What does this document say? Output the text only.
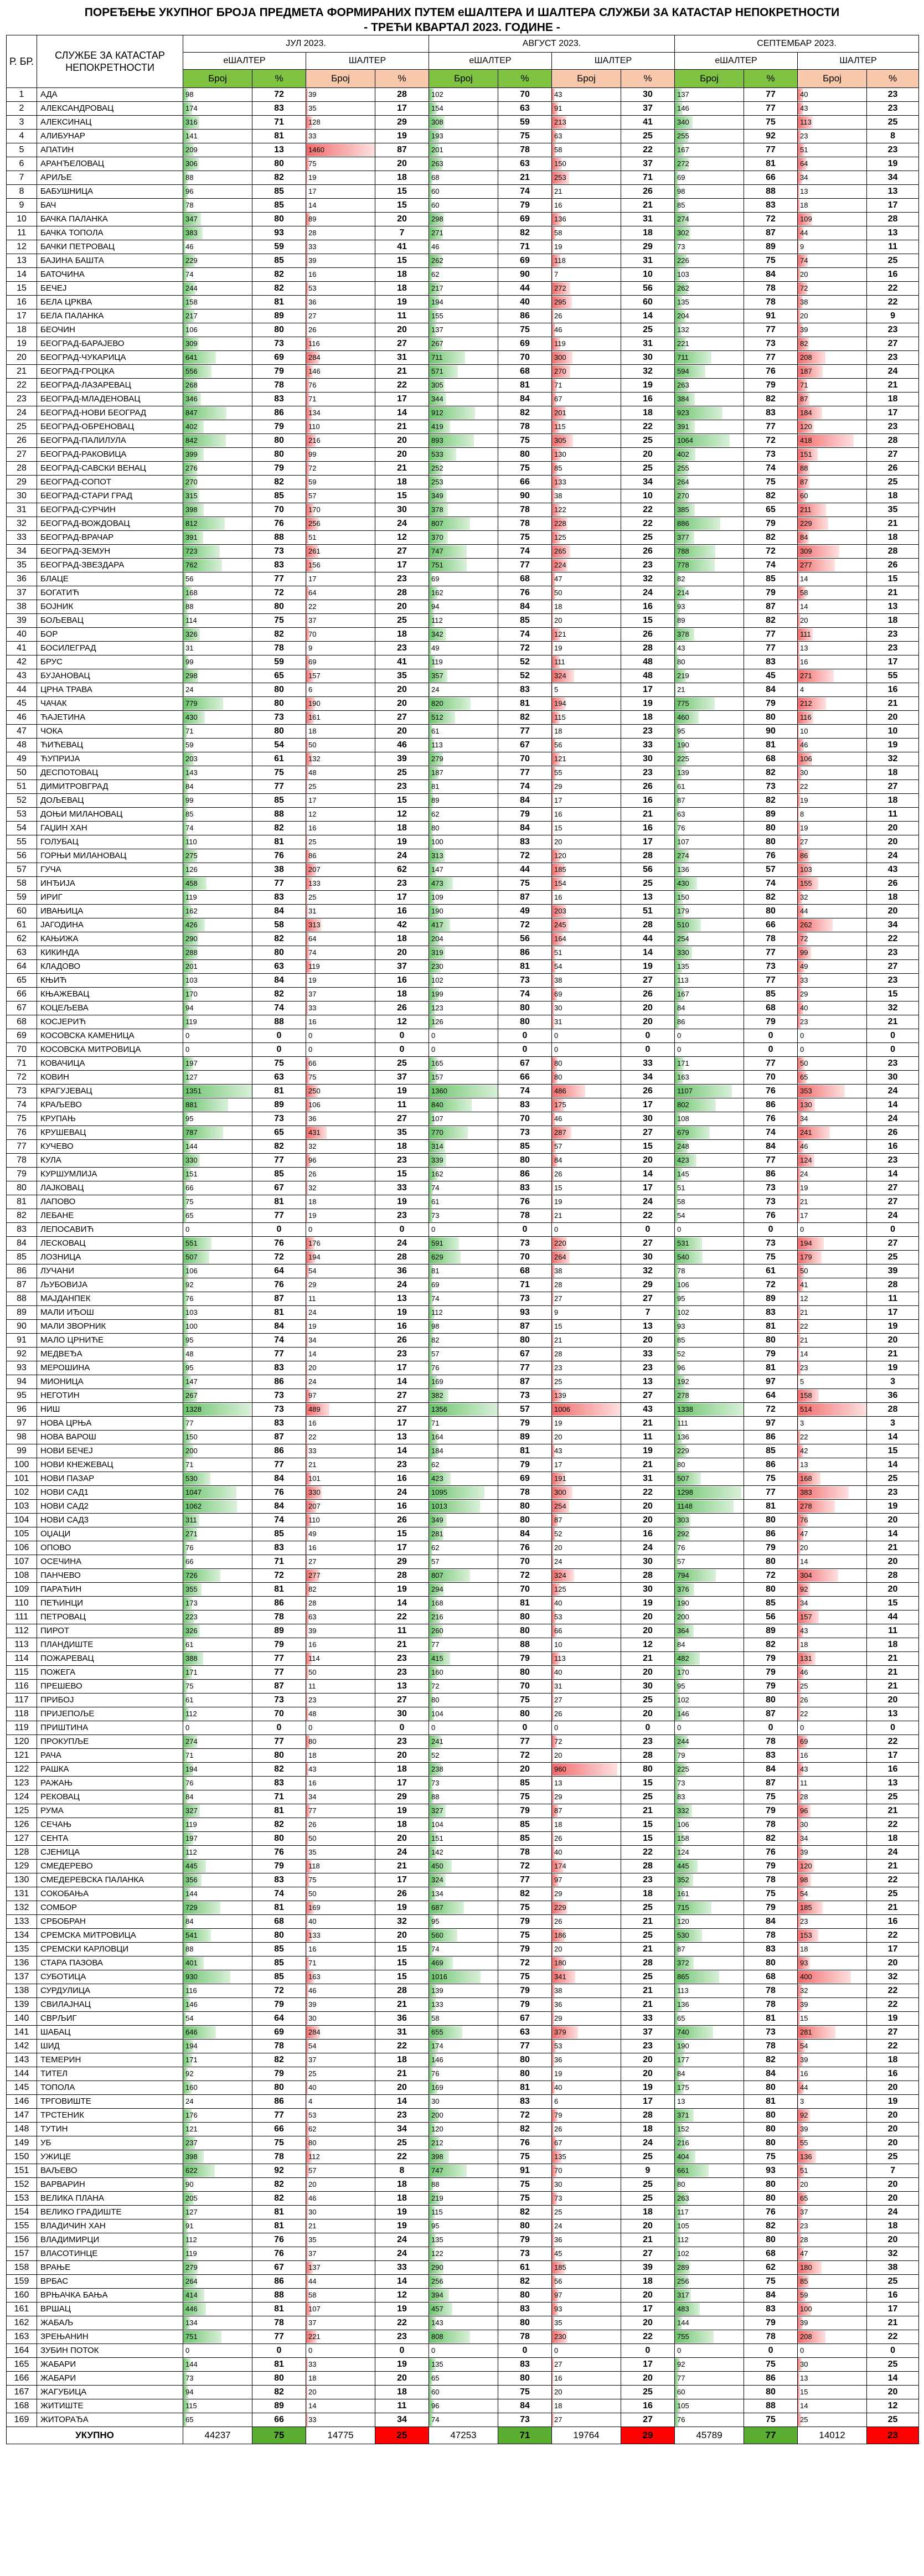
ПОРЕЂЕЊЕ УКУПНОГ БРОЈА ПРЕДМЕТА ФОРМИРАНИХ ПУТЕМ еШАЛТЕРА И ШАЛТЕРА СЛУЖБИ ЗА КАТАСТАР НЕПОКРЕТНОСТИ
- ТРЕЋИ КВАРТАЛ 2023. ГОДИНЕ -
Р. БР.	СЛУЖБЕ ЗА КАТАСТАР НЕПОКРЕТНОСТИ	ЈУЛ 2023.				АВГУСТ 2023.				СЕПТЕМБАР 2023.			
		еШАЛТЕР		ШАЛТЕР		еШАЛТЕР		ШАЛТЕР		еШАЛТЕР		ШАЛТЕР	
		Број	%	Број	%	Број	%	Број	%	Број	%	Број	%
1	АДА	98	72	39	28	102	70	43	30	137	77	40	23
2	АЛЕКСАНДРОВАЦ	174	83	35	17	154	63	91	37	146	77	43	23
3	АЛЕКСИНАЦ	316	71	128	29	308	59	213	41	340	75	113	25
4	АЛИБУНАР	141	81	33	19	193	75	63	25	255	92	23	8
5	АПАТИН	209	13	1460	87	201	78	58	22	167	77	51	23
6	АРАНЂЕЛОВАЦ	306	80	75	20	263	63	150	37	272	81	64	19
7	АРИЉЕ	88	82	19	18	68	21	253	71	69	66	34	34
8	БАБУШНИЦА	96	85	17	15	60	74	21	26	98	88	13	13
9	БАЧ	78	85	14	15	60	79	16	21	85	83	18	17
10	БАЧКА ПАЛАНКА	347	80	89	20	298	69	136	31	274	72	109	28
11	БАЧКА ТОПОЛА	383	93	28	7	271	82	58	18	302	87	44	13
12	БАЧКИ ПЕТРОВАЦ	46	59	33	41	46	71	19	29	73	89	9	11
13	БАЈИНА БАШТА	229	85	39	15	262	69	118	31	226	75	74	25
14	БАТОЧИНА	74	82	16	18	62	90	7	10	103	84	20	16
15	БЕЧЕЈ	244	82	53	18	217	44	272	56	262	78	72	22
16	БЕЛА ЦРКВА	158	81	36	19	194	40	295	60	135	78	38	22
17	БЕЛА ПАЛАНКА	217	89	27	11	155	86	26	14	204	91	20	9
18	БЕОЧИН	106	80	26	20	137	75	46	25	132	77	39	23
19	БЕОГРАД-БАРАЈЕВО	309	73	116	27	267	69	119	31	221	73	82	27
20	БЕОГРАД-ЧУКАРИЦА	641	69	284	31	711	70	300	30	711	77	208	23
21	БЕОГРАД-ГРОЦКА	556	79	146	21	571	68	270	32	594	76	187	24
22	БЕОГРАД-ЛАЗАРЕВАЦ	268	78	76	22	305	81	71	19	263	79	71	21
23	БЕОГРАД-МЛАДЕНОВАЦ	346	83	71	17	344	84	67	16	384	82	87	18
24	БЕОГРАД-НОВИ БЕОГРАД	847	86	134	14	912	82	201	18	923	83	184	17
25	БЕОГРАД-ОБРЕНОВАЦ	402	79	110	21	419	78	115	22	391	77	120	23
26	БЕОГРАД-ПАЛИЛУЛА	842	80	216	20	893	75	305	25	1064	72	418	28
27	БЕОГРАД-РАКОВИЦА	399	80	99	20	533	80	130	20	402	73	151	27
28	БЕОГРАД-САВСКИ ВЕНАЦ	276	79	72	21	252	75	85	25	255	74	88	26
29	БЕОГРАД-СОПОТ	270	82	59	18	253	66	133	34	264	75	87	25
30	БЕОГРАД-СТАРИ ГРАД	315	85	57	15	349	90	38	10	270	82	60	18
31	БЕОГРАД-СУРЧИН	398	70	170	30	378	78	122	22	385	65	211	35
32	БЕОГРАД-ВОЖДОВАЦ	812	76	256	24	807	78	228	22	886	79	229	21
33	БЕОГРАД-ВРАЧАР	391	88	51	12	370	75	125	25	377	82	84	18
34	БЕОГРАД-ЗЕМУН	723	73	261	27	747	74	265	26	788	72	309	28
35	БЕОГРАД-ЗВЕЗДАРА	762	83	156	17	751	77	224	23	778	74	277	26
36	БЛАЦЕ	56	77	17	23	69	68	47	32	82	85	14	15
37	БОГАТИЋ	168	72	64	28	162	76	50	24	214	79	58	21
38	БОЈНИК	88	80	22	20	94	84	18	16	93	87	14	13
39	БОЉЕВАЦ	114	75	37	25	112	85	20	15	89	82	20	18
40	БОР	326	82	70	18	342	74	121	26	378	77	111	23
41	БОСИЛЕГРАД	31	78	9	23	49	72	19	28	43	77	13	23
42	БРУС	99	59	69	41	119	52	111	48	80	83	16	17
43	БУЈАНОВАЦ	298	65	157	35	357	52	324	48	219	45	271	55
44	ЦРНА ТРАВА	24	80	6	20	24	83	5	17	21	84	4	16
45	ЧАЧАК	779	80	190	20	820	81	194	19	775	79	212	21
46	ЋАЈЕТИНА	430	73	161	27	512	82	115	18	460	80	116	20
47	ЧОКА	71	80	18	20	61	77	18	23	95	90	10	10
48	ЋИЋЕВАЦ	59	54	50	46	113	67	56	33	190	81	46	19
49	ЋУПРИЈА	203	61	132	39	279	70	121	30	225	68	106	32
50	ДЕСПОТОВАЦ	143	75	48	25	187	77	55	23	139	82	30	18
51	ДИМИТРОВГРАД	84	77	25	23	81	74	29	26	61	73	22	27
52	ДОЉЕВАЦ	99	85	17	15	89	84	17	16	87	82	19	18
53	ДОЊИ МИЛАНОВАЦ	85	88	12	12	62	79	16	21	63	89	8	11
54	ГАЏИН ХАН	74	82	16	18	80	84	15	16	76	80	19	20
55	ГОЛУБАЦ	110	81	25	19	100	83	20	17	107	80	27	20
56	ГОРЊИ МИЛАНОВАЦ	275	76	86	24	313	72	120	28	274	76	86	24
57	ГУЧА	126	38	207	62	147	44	185	56	136	57	103	43
58	ИНЂИЈА	458	77	133	23	473	75	154	25	430	74	155	26
59	ИРИГ	119	83	25	17	109	87	16	13	150	82	32	18
60	ИВАЊИЦА	162	84	31	16	190	49	203	51	179	80	44	20
61	ЈАГОДИНА	426	58	313	42	417	72	245	28	510	66	262	34
62	КАЊИЖА	290	82	64	18	204	56	164	44	254	78	72	22
63	КИКИНДА	288	80	74	20	319	86	51	14	330	77	99	23
64	КЛАДОВО	201	63	119	37	230	81	54	19	135	73	49	27
65	КЊИЋ	103	84	19	16	102	73	38	27	113	77	33	23
66	КЊАЖЕВАЦ	170	82	37	18	199	74	69	26	167	85	29	15
67	КОЦЕЉЕВА	94	74	33	26	123	80	30	20	84	68	40	32
68	КОСЈЕРИЋ	119	88	16	12	126	80	31	20	86	79	23	21
69	КОСОВСКА КАМЕНИЦА	0	0	0	0	0	0	0	0	0	0	0	0
70	КОСОВСКА МИТРОВИЦА	0	0	0	0	0	0	0	0	0	0	0	0
71	КОВАЧИЦА	197	75	66	25	165	67	80	33	171	77	50	23
72	КОВИН	127	63	75	37	157	66	80	34	163	70	65	30
73	КРАГУЈЕВАЦ	1351	81	250	19	1360	74	486	26	1107	76	353	24
74	КРАЉЕВО	881	89	106	11	840	83	175	17	802	86	130	14
75	КРУПАЊ	95	73	36	27	107	70	46	30	108	76	34	24
76	КРУШЕВАЦ	787	65	431	35	770	73	287	27	679	74	241	26
77	КУЧЕВО	144	82	32	18	314	85	57	15	248	84	46	16
78	КУЛА	330	77	96	23	339	80	84	20	423	77	124	23
79	КУРШУМЛИЈА	151	85	26	15	162	86	26	14	145	86	24	14
80	ЛАЈКОВАЦ	66	67	32	33	74	83	15	17	51	73	19	27
81	ЛАПОВО	75	81	18	19	61	76	19	24	58	73	21	27
82	ЛЕБАНЕ	65	77	19	23	73	78	21	22	54	76	17	24
83	ЛЕПОСАВИЋ	0	0	0	0	0	0	0	0	0	0	0	0
84	ЛЕСКОВАЦ	551	76	176	24	591	73	220	27	531	73	194	27
85	ЛОЗНИЦА	507	72	194	28	629	70	264	30	540	75	179	25
86	ЛУЧАНИ	106	64	54	36	81	68	38	32	78	61	50	39
87	ЉУБОВИЈА	92	76	29	24	69	71	28	29	106	72	41	28
88	МАЈДАНПЕК	76	87	11	13	74	73	27	27	95	89	12	11
89	МАЛИ ИЂОШ	103	81	24	19	112	93	9	7	102	83	21	17
90	МАЛИ ЗВОРНИК	100	84	19	16	98	87	15	13	93	81	22	19
91	МАЛО ЦРНИЋЕ	95	74	34	26	82	80	21	20	85	80	21	20
92	МЕДВЕЂА	48	77	14	23	57	67	28	33	52	79	14	21
93	МЕРОШИНА	95	83	20	17	76	77	23	23	96	81	23	19
94	МИОНИЦА	147	86	24	14	169	87	25	13	192	97	5	3
95	НЕГОТИН	267	73	97	27	382	73	139	27	278	64	158	36
96	НИШ	1328	73	489	27	1356	57	1006	43	1338	72	514	28
97	НОВА ЦРЊА	77	83	16	17	71	79	19	21	111	97	3	3
98	НОВА ВАРОШ	150	87	22	13	164	89	20	11	136	86	22	14
99	НОВИ БЕЧЕЈ	200	86	33	14	184	81	43	19	229	85	42	15
100	НОВИ КНЕЖЕВАЦ	71	77	21	23	62	79	17	21	80	86	13	14
101	НОВИ ПАЗАР	530	84	101	16	423	69	191	31	507	75	168	25
102	НОВИ САД1	1047	76	330	24	1095	78	300	22	1298	77	383	23
103	НОВИ САД2	1062	84	207	16	1013	80	254	20	1148	81	278	19
104	НОВИ САД3	311	74	110	26	349	80	87	20	303	80	76	20
105	ОЏАЦИ	271	85	49	15	281	84	52	16	292	86	47	14
106	ОПОВО	76	83	16	17	62	76	20	24	76	79	20	21
107	ОСЕЧИНА	66	71	27	29	57	70	24	30	57	80	14	20
108	ПАНЧЕВО	726	72	277	28	807	72	324	28	794	72	304	28
109	ПАРАЋИН	355	81	82	19	294	70	125	30	376	80	92	20
110	ПЕЋИНЦИ	173	86	28	14	168	81	40	19	190	85	34	15
111	ПЕТРОВАЦ	223	78	63	22	216	80	53	20	200	56	157	44
112	ПИРОТ	326	89	39	11	260	80	66	20	364	89	43	11
113	ПЛАНДИШТЕ	61	79	16	21	77	88	10	12	84	82	18	18
114	ПОЖАРЕВАЦ	388	77	114	23	415	79	113	21	482	79	131	21
115	ПОЖЕГА	171	77	50	23	160	80	40	20	170	79	46	21
116	ПРЕШЕВО	75	87	11	13	72	70	31	30	95	79	25	21
117	ПРИБОЈ	61	73	23	27	80	75	27	25	102	80	26	20
118	ПРИЈЕПОЉЕ	112	70	48	30	104	80	26	20	146	87	22	13
119	ПРИШТИНА	0	0	0	0	0	0	0	0	0	0	0	0
120	ПРОКУПЉЕ	274	77	80	23	241	77	72	23	244	78	69	22
121	РАЧА	71	80	18	20	52	72	20	28	79	83	16	17
122	РАШКА	194	82	43	18	238	20	960	80	225	84	43	16
123	РАЖАЊ	76	83	16	17	73	85	13	15	73	87	11	13
124	РЕКОВАЦ	84	71	34	29	88	75	29	25	83	75	28	25
125	РУМА	327	81	77	19	327	79	87	21	332	79	96	21
126	СЕЧАЊ	119	82	26	18	104	85	18	15	106	78	30	22
127	СЕНТА	197	80	50	20	151	85	26	15	158	82	34	18
128	СЈЕНИЦА	112	76	35	24	142	78	40	22	124	76	39	24
129	СМЕДЕРЕВО	445	79	118	21	450	72	174	28	445	79	120	21
130	СМЕДЕРЕВСКА ПАЛАНКА	356	83	75	17	324	77	97	23	352	78	98	22
131	СОКОБАЊА	144	74	50	26	134	82	29	18	161	75	54	25
132	СОМБОР	729	81	169	19	687	75	229	25	715	79	185	21
133	СРБОБРАН	84	68	40	32	95	79	26	21	120	84	23	16
134	СРЕМСКА МИТРОВИЦА	541	80	133	20	560	75	186	25	530	78	153	22
135	СРЕМСКИ КАРЛОВЦИ	88	85	16	15	74	79	20	21	87	83	18	17
136	СТАРА ПАЗОВА	401	85	71	15	469	72	180	28	372	80	93	20
137	СУБОТИЦА	930	85	163	15	1016	75	341	25	865	68	400	32
138	СУРДУЛИЦА	116	72	46	28	139	79	38	21	113	78	32	22
139	СВИЛАЈНАЦ	146	79	39	21	133	79	36	21	136	78	39	22
140	СВРЉИГ	54	64	30	36	58	67	29	33	65	81	15	19
141	ШАБАЦ	646	69	284	31	655	63	379	37	740	73	281	27
142	ШИД	194	78	54	22	174	77	53	23	190	78	54	22
143	ТЕМЕРИН	171	82	37	18	146	80	36	20	177	82	39	18
144	ТИТЕЛ	92	79	25	21	76	80	19	20	84	84	16	16
145	ТОПОЛА	160	80	40	20	169	81	40	19	175	80	44	20
146	ТРГОВИШТЕ	24	86	4	14	30	83	6	17	13	81	3	19
147	ТРСТЕНИК	176	77	53	23	200	72	79	28	371	80	92	20
148	ТУТИН	121	66	62	34	120	82	26	18	152	80	39	20
149	УБ	237	75	80	25	212	76	67	24	216	80	55	20
150	УЖИЦЕ	398	78	112	22	398	75	135	25	404	75	136	25
151	ВАЉЕВО	622	92	57	8	747	91	70	9	661	93	51	7
152	ВАРВАРИН	90	82	20	18	88	75	30	25	80	80	20	20
153	ВЕЛИКА ПЛАНА	205	82	46	18	219	75	73	25	263	80	65	20
154	ВЕЛИКО ГРАДИШТЕ	127	81	30	19	115	82	25	18	117	76	37	24
155	ВЛАДИЧИН ХАН	91	81	21	19	95	80	24	20	105	82	23	18
156	ВЛАДИМИРЦИ	112	76	35	24	135	79	36	21	112	80	28	20
157	ВЛАСОТИНЦЕ	119	76	37	24	122	73	45	27	102	68	47	32
158	ВРАЊЕ	279	67	137	33	290	61	185	39	289	62	180	38
159	ВРБАС	264	86	44	14	256	82	56	18	256	75	85	25
160	ВРЊАЧКА БАЊА	414	88	58	12	394	80	97	20	317	84	59	16
161	ВРШАЦ	446	81	107	19	457	83	93	17	483	83	100	17
162	ЖАБАЉ	134	78	37	22	143	80	35	20	144	79	39	21
163	ЗРЕЊАНИН	751	77	221	23	808	78	230	22	755	78	208	22
164	ЗУБИН ПОТОК	0	0	0	0	0	0	0	0	0	0	0	0
165	ЖАБАРИ	144	81	33	19	135	83	27	17	92	75	30	25
166	ЖАБАРИ	73	80	18	20	65	80	16	20	77	86	13	14
167	ЖАГУБИЦА	94	82	20	18	60	75	20	25	60	80	15	20
168	ЖИТИШТЕ	115	89	14	11	96	84	18	16	105	88	14	12
169	ЖИТОРАЂА	65	66	33	34	74	73	27	27	76	75	25	25
УКУПНО		44237	75	14775	25	47253	71	19764	29	45789	77	14012	23
